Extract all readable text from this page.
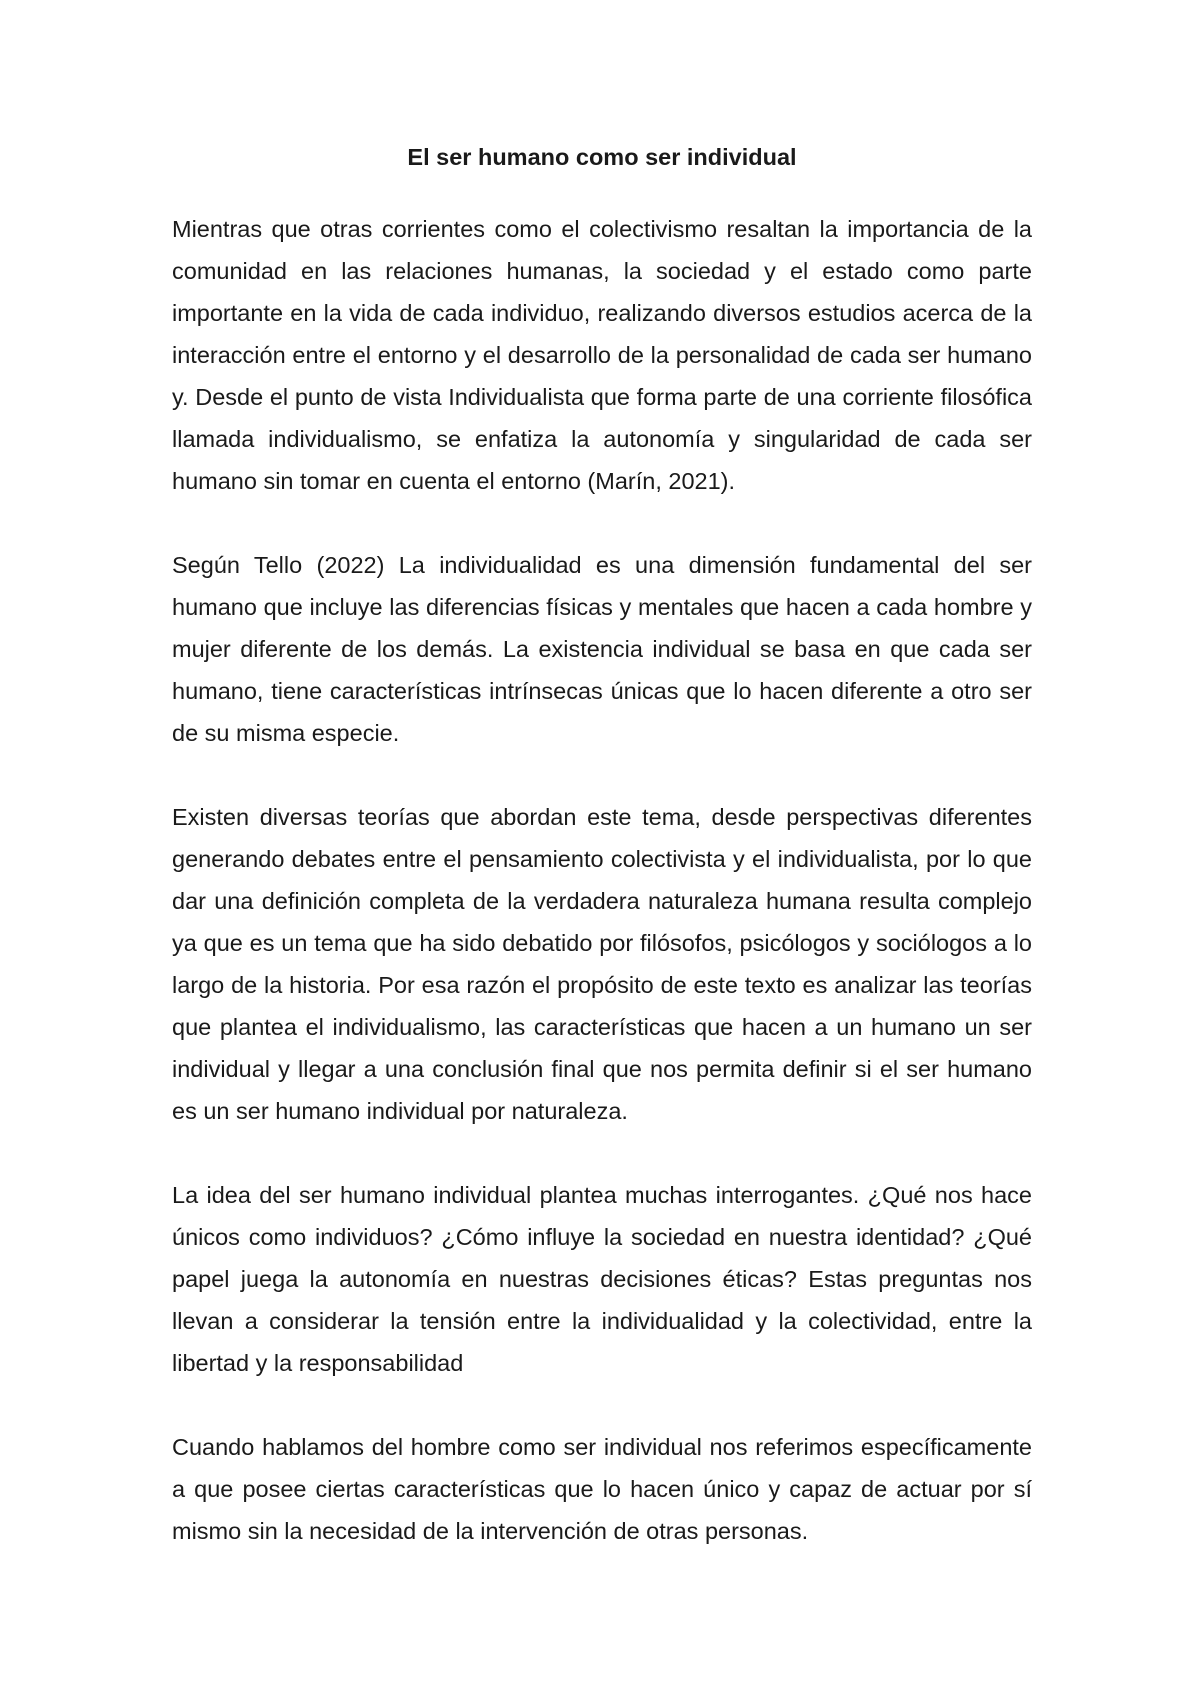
El ser humano como ser individual

Mientras que otras corrientes como el colectivismo resaltan la importancia de la comunidad en las relaciones humanas, la sociedad y el estado como parte importante en la vida de cada individuo, realizando diversos estudios acerca de la interacción entre el entorno y el desarrollo de la personalidad de cada ser humano y. Desde el punto de vista Individualista que forma parte de una corriente filosófica llamada individualismo, se enfatiza la autonomía y singularidad de cada ser humano sin tomar en cuenta el entorno (Marín, 2021).

Según Tello (2022) La individualidad es una dimensión fundamental del ser humano que incluye las diferencias físicas y mentales que hacen a cada hombre y mujer diferente de los demás. La existencia individual se basa en que cada ser humano, tiene características intrínsecas únicas que lo hacen diferente a otro ser de su misma especie.

Existen diversas teorías que abordan este tema, desde perspectivas diferentes generando debates entre el pensamiento colectivista y el individualista, por lo que dar una definición completa de la verdadera naturaleza humana resulta complejo ya que es un tema que ha sido debatido por filósofos, psicólogos y sociólogos a lo largo de la historia. Por esa razón el propósito de este texto es analizar las teorías que plantea el individualismo, las características que hacen a un humano un ser individual y llegar a una conclusión final que nos permita definir si el ser humano es un ser humano individual por naturaleza.

La idea del ser humano individual plantea muchas interrogantes. ¿Qué nos hace únicos como individuos? ¿Cómo influye la sociedad en nuestra identidad? ¿Qué papel juega la autonomía en nuestras decisiones éticas? Estas preguntas nos llevan a considerar la tensión entre la individualidad y la colectividad, entre la libertad y la responsabilidad

Cuando hablamos del hombre como ser individual nos referimos específicamente a que posee ciertas características que lo hacen único y capaz de actuar por sí mismo sin la necesidad de la intervención de otras personas.
